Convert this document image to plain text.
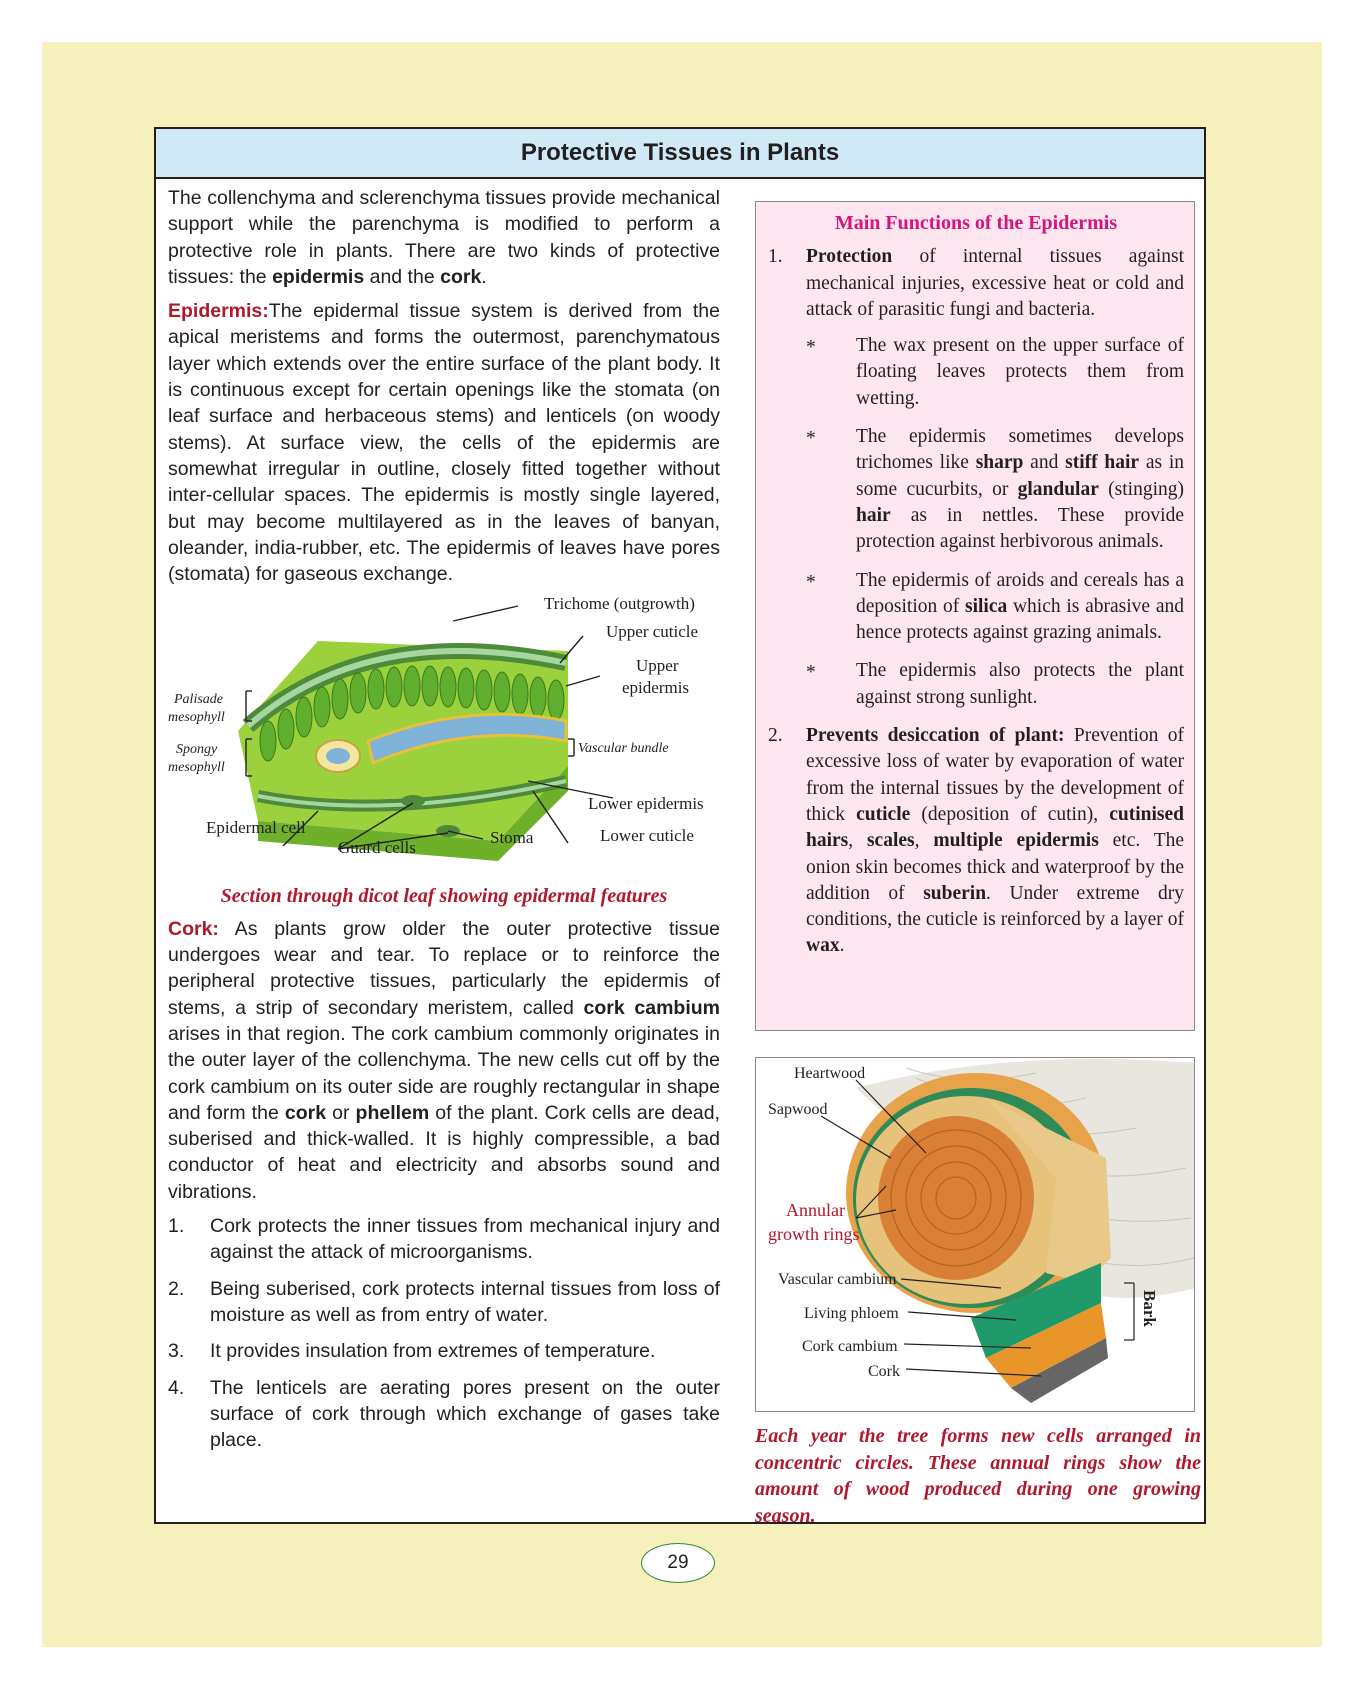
Protective Tissues in Plants

The collenchyma and sclerenchyma tissues provide mechanical support while the parenchyma is modified to perform a protective role in plants. There are two kinds of protective tissues: the epidermis and the cork.

Epidermis:The epidermal tissue system is derived from the apical meristems and forms the outermost, parenchymatous layer which extends over the entire surface of the plant body. It is continuous except for certain openings like the stomata (on leaf surface and herbaceous stems) and lenticels (on woody stems). At surface view, the cells of the epidermis are somewhat irregular in outline, closely fitted together without inter-cellular spaces. The epidermis is mostly single layered, but may become multilayered as in the leaves of banyan, oleander, india-rubber, etc. The epidermis of leaves have pores (stomata) for gaseous exchange.

Trichome (outgrowth)
Upper cuticle
Upper
epidermis
Palisade
mesophyll
Spongy
mesophyll
Vascular bundle
Lower epidermis
Epidermal cell
Guard cells
Stoma	Lower cuticle
Section through dicot leaf showing epidermal features

Cork: As plants grow older the outer protective tissue undergoes wear and tear. To replace or to reinforce the peripheral protective tissues, particularly the epidermis of stems, a strip of secondary meristem, called cork cambium arises in that region. The cork cambium commonly originates in the outer layer of the collenchyma. The new cells cut off by the cork cambium on its outer side are roughly rectangular in shape and form the cork or phellem of the plant. Cork cells are dead, suberised and thick-walled. It is highly compressible, a bad conductor of heat and electricity and absorbs sound and vibrations.

1. Cork protects the inner tissues from mechanical injury and against the attack of microorganisms.
2. Being suberised, cork protects internal tissues from loss of moisture as well as from entry of water.
3. It provides insulation from extremes of temperature.
4. The lenticels are aerating pores present on the outer surface of cork through which exchange of gases take place.
Main Functions of the Epidermis
1. Protection of internal tissues against mechanical injuries, excessive heat or cold and attack of parasitic fungi and bacteria.
* The wax present on the upper surface of floating leaves protects them from wetting.
* The epidermis sometimes develops trichomes like sharp and stiff hair as in some cucurbits, or glandular (stinging) hair as in nettles. These provide protection against herbivorous animals.
* The epidermis of aroids and cereals has a deposition of silica which is abrasive and hence protects against grazing animals.
* The epidermis also protects the plant against strong sunlight.
2. Prevents desiccation of plant: Prevention of excessive loss of water by evaporation of water from the internal tissues by the development of thick cuticle (deposition of cutin), cutinised hairs, scales, multiple epidermis etc. The onion skin becomes thick and waterproof by the addition of suberin. Under extreme dry conditions, the cuticle is reinforced by a layer of wax.
Heartwood
Sapwood
Annular
growth rings
Vascular cambium
Living phloem
Cork cambium
Cork
Bark
Each year the tree forms new cells arranged in concentric circles. These annual rings show the amount of wood produced during one growing season.
29
